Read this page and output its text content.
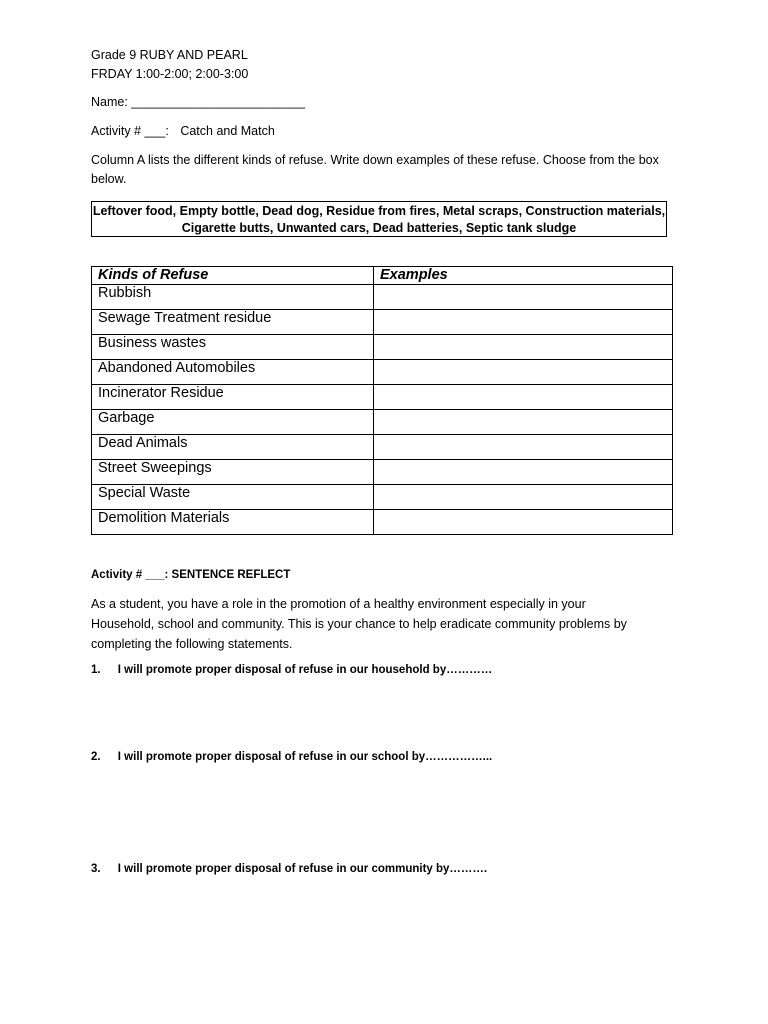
Grade 9 RUBY AND PEARL
FRDAY 1:00-2:00; 2:00-3:00
Name: _________________________
Activity # ___: Catch and Match
Column A lists the different kinds of refuse. Write down examples of these refuse. Choose from the box below.
Leftover food, Empty bottle, Dead dog, Residue from fires, Metal scraps, Construction materials,
Cigarette butts, Unwanted cars, Dead batteries, Septic tank sludge
Kinds of Refuse	Examples
Rubbish	
Sewage Treatment residue	
Business wastes	
Abandoned Automobiles	
Incinerator Residue	
Garbage	
Dead Animals	
Street Sweepings	
Special Waste	
Demolition Materials	
Activity # ___: SENTENCE REFLECT
As a student, you have a role in the promotion of a healthy environment especially in your
Household, school and community. This is your chance to help eradicate community problems by
completing the following statements.
1. I will promote proper disposal of refuse in our household by…………
2. I will promote proper disposal of refuse in our school by……………...
3. I will promote proper disposal of refuse in our community by……….
